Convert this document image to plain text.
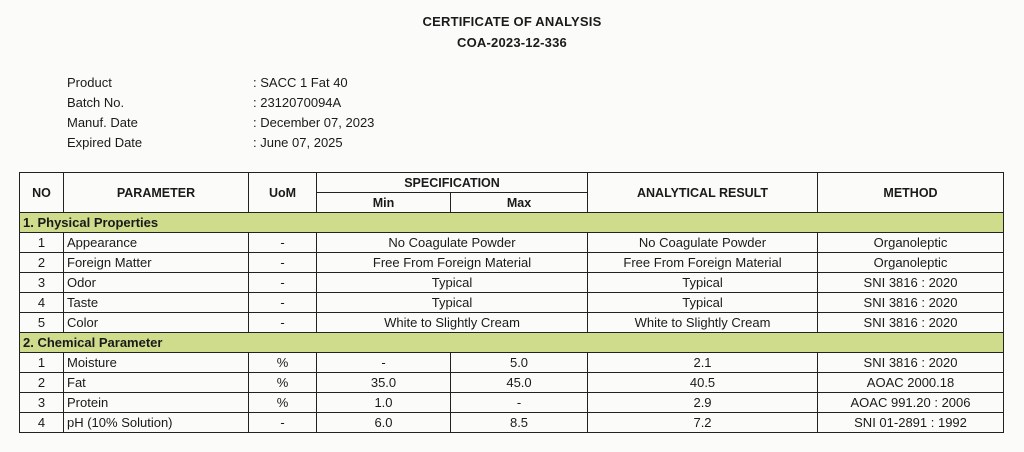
CERTIFICATE OF ANALYSIS
COA-2023-12-336
Product	: SACC 1 Fat 40
Batch No.	: 2312070094A
Manuf. Date	: December 07, 2023
Expired Date	: June 07, 2025
NO	PARAMETER	UoM	SPECIFICATION		ANALYTICAL RESULT	METHOD
			Min	Max		
1. Physical Properties						
1	Appearance	-	No Coagulate Powder		No Coagulate Powder	Organoleptic
2	Foreign Matter	-	Free From Foreign Material		Free From Foreign Material	Organoleptic
3	Odor	-	Typical		Typical	SNI 3816 : 2020
4	Taste	-	Typical		Typical	SNI 3816 : 2020
5	Color	-	White to Slightly Cream		White to Slightly Cream	SNI 3816 : 2020
2. Chemical Parameter						
1	Moisture	%	-	5.0	2.1	SNI 3816 : 2020
2	Fat	%	35.0	45.0	40.5	AOAC 2000.18
3	Protein	%	1.0	-	2.9	AOAC 991.20 : 2006
4	pH (10% Solution)	-	6.0	8.5	7.2	SNI 01-2891 : 1992
